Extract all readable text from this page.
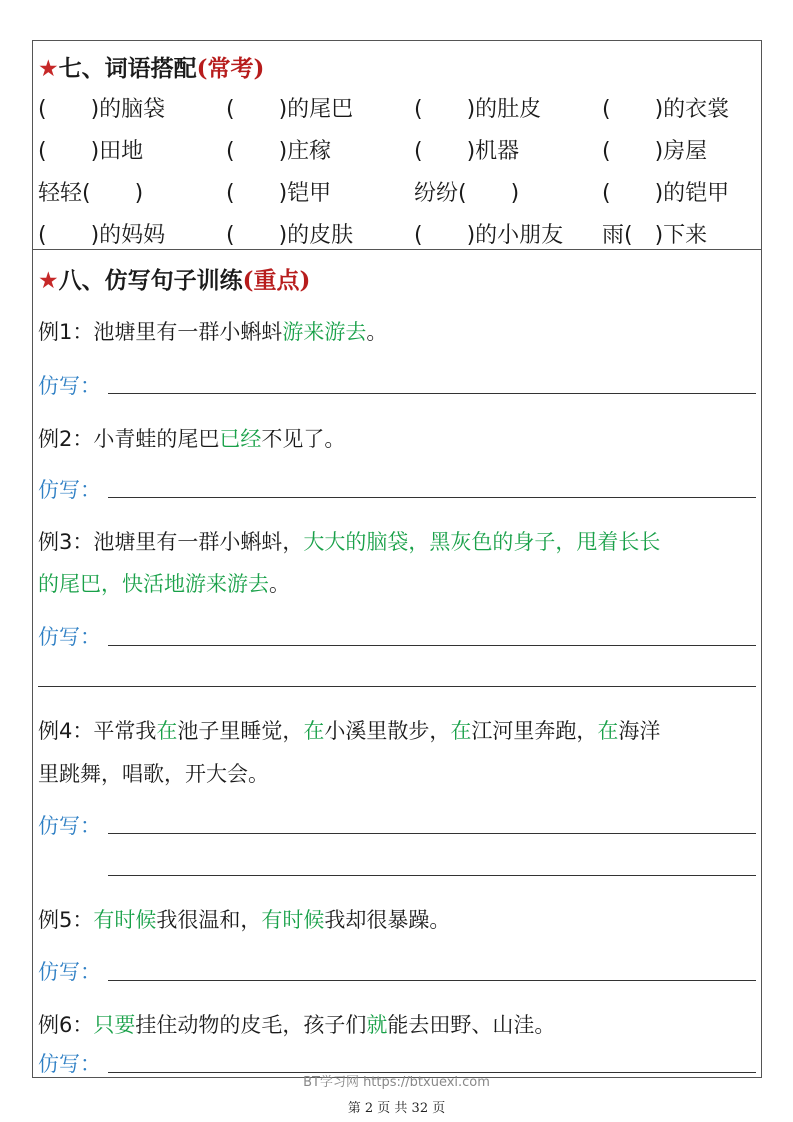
★七、词语搭配(常考)
(　　)的脑袋	(　　)的尾巴	(　　)的肚皮	(　　)的衣裳
(　　)田地	(　　)庄稼	(　　)机器	(　　)房屋
轻轻(　　)	(　　)铠甲	纷纷(　　)	(　　)的铠甲
(　　)的妈妈	(　　)的皮肤	(　　)的小朋友 雨(　)下来
★八、仿写句子训练(重点)
例1：池塘里有一群小蝌蚪游来游去。
仿写：
例2：小青蛙的尾巴已经不见了。
仿写：
例3：池塘里有一群小蝌蚪，大大的脑袋，黑灰色的身子，甩着长长
的尾巴，快活地游来游去。
仿写：
例4：平常我在池子里睡觉，在小溪里散步，在江河里奔跑，在海洋
里跳舞，唱歌，开大会。
仿写：
例5：有时候我很温和，有时候我却很暴躁。
仿写：
例6：只要挂住动物的皮毛，孩子们就能去田野、山洼。
仿写：
BT学习网 https://btxuexi.com
第 2 页 共 32 页
